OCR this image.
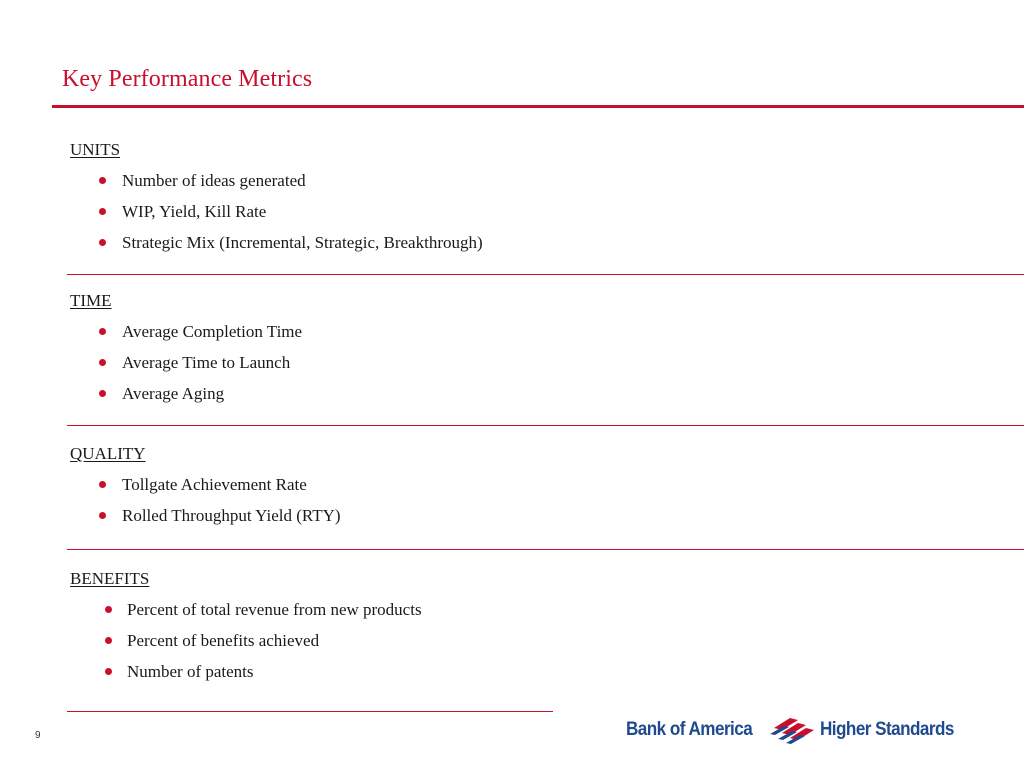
Key Performance Metrics

UNITS

Number of ideas generated
WIP, Yield, Kill Rate
Strategic Mix (Incremental, Strategic, Breakthrough)

TIME

Average Completion Time
Average Time to Launch
Average Aging

QUALITY

Tollgate Achievement Rate
Rolled Throughput Yield (RTY)

BENEFITS

Percent of total revenue from new products
Percent of benefits achieved
Number of patents
9	Bank of America	Higher Standards
